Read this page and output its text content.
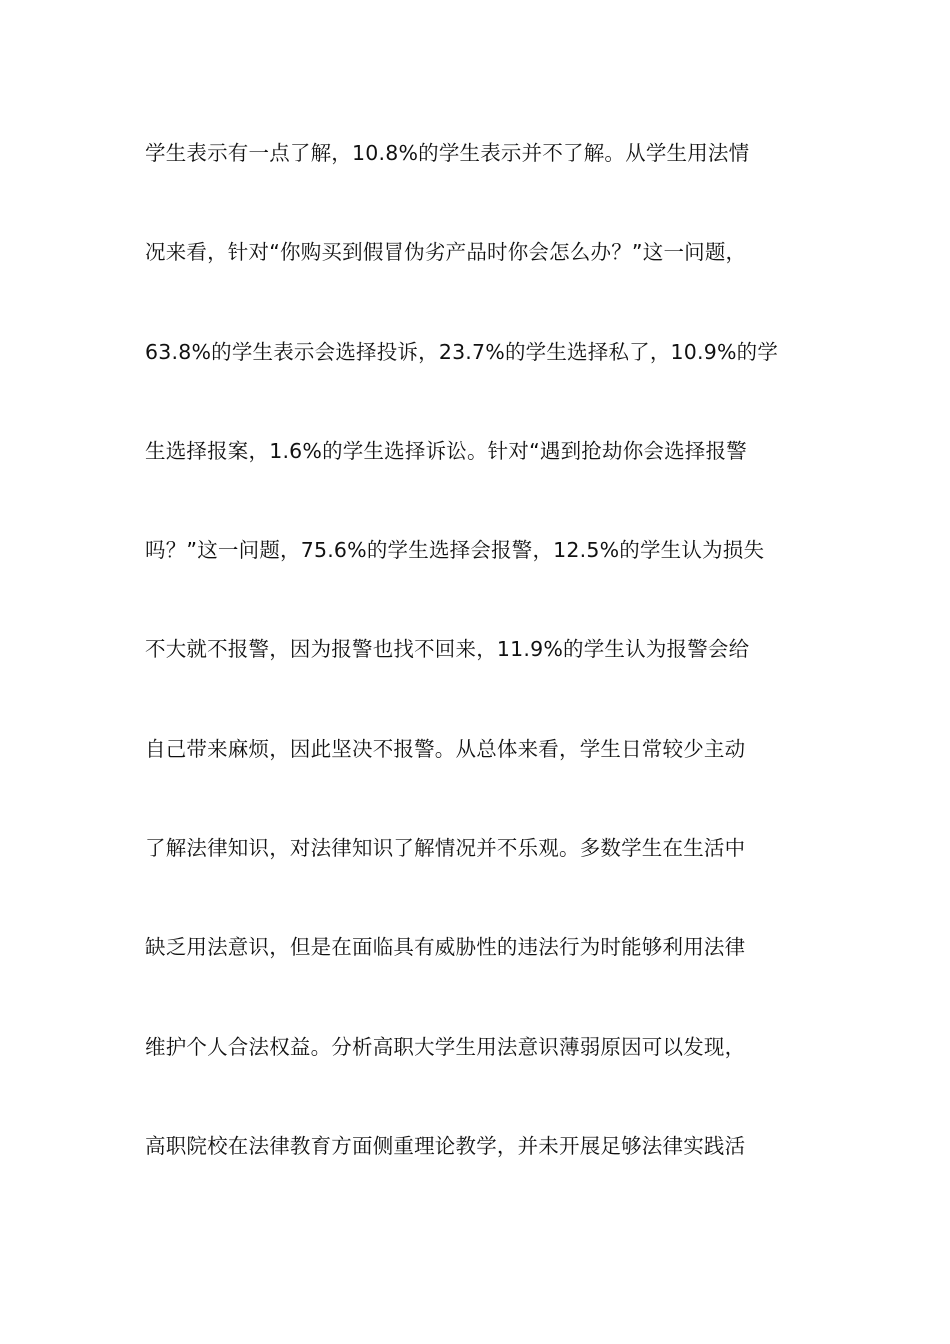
学生表示有一点了解，10.8%的学生表示并不了解。从学生用法情
况来看，针对“你购买到假冒伪劣产品时你会怎么办？”这一问题，
63.8%的学生表示会选择投诉，23.7%的学生选择私了，10.9%的学
生选择报案，1.6%的学生选择诉讼。针对“遇到抢劫你会选择报警
吗？”这一问题，75.6%的学生选择会报警，12.5%的学生认为损失
不大就不报警，因为报警也找不回来，11.9%的学生认为报警会给
自己带来麻烦，因此坚决不报警。从总体来看，学生日常较少主动
了解法律知识，对法律知识了解情况并不乐观。多数学生在生活中
缺乏用法意识，但是在面临具有威胁性的违法行为时能够利用法律
维护个人合法权益。分析高职大学生用法意识薄弱原因可以发现，
高职院校在法律教育方面侧重理论教学，并未开展足够法律实践活
